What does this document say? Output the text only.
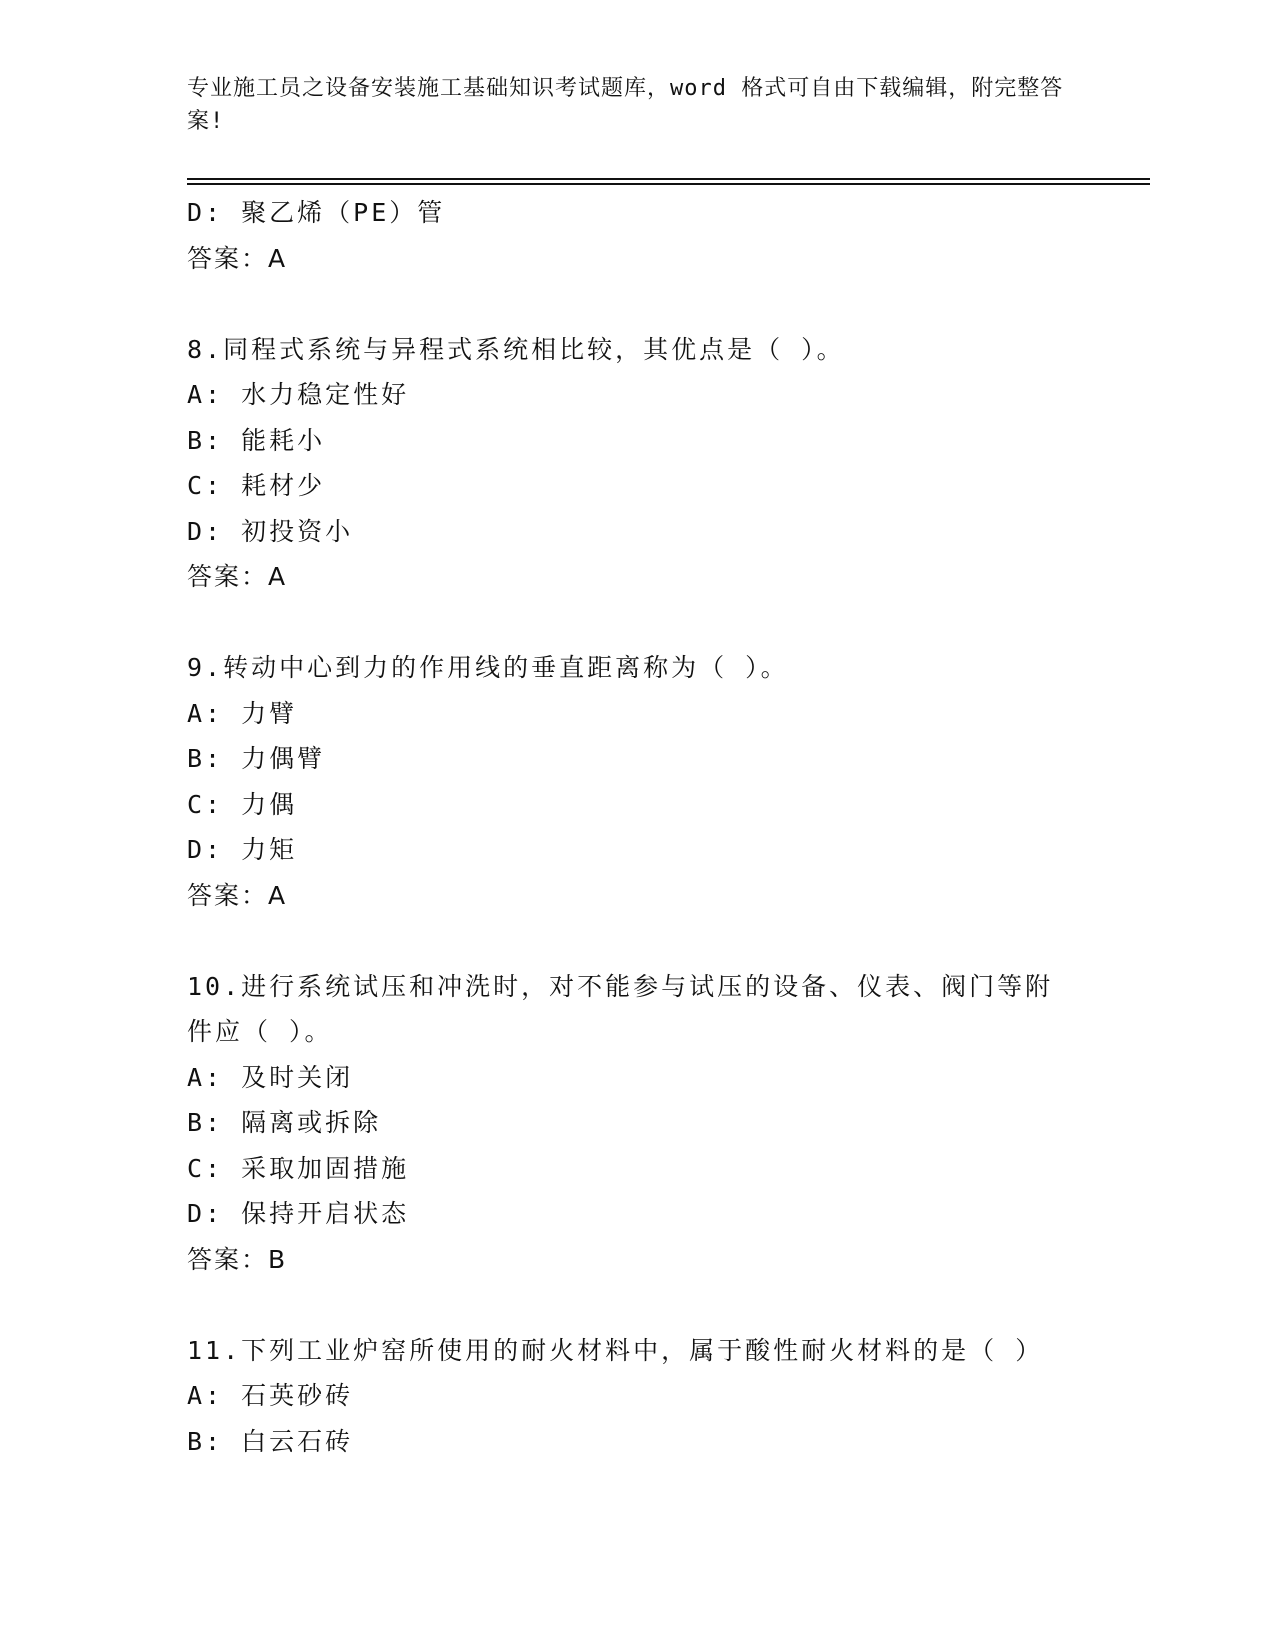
专业施工员之设备安装施工基础知识考试题库，word 格式可自由下载编辑，附完整答案!
D: 聚乙烯（PE）管
答案：A
8.同程式系统与异程式系统相比较，其优点是（ ）。
A: 水力稳定性好
B: 能耗小
C: 耗材少
D: 初投资小
答案：A
9.转动中心到力的作用线的垂直距离称为（ ）。
A: 力臂
B: 力偶臂
C: 力偶
D: 力矩
答案：A
10.进行系统试压和冲洗时，对不能参与试压的设备、仪表、阀门等附件应（ ）。
A: 及时关闭
B: 隔离或拆除
C: 采取加固措施
D: 保持开启状态
答案：B
11.下列工业炉窑所使用的耐火材料中，属于酸性耐火材料的是（ ）
A: 石英砂砖
B: 白云石砖
